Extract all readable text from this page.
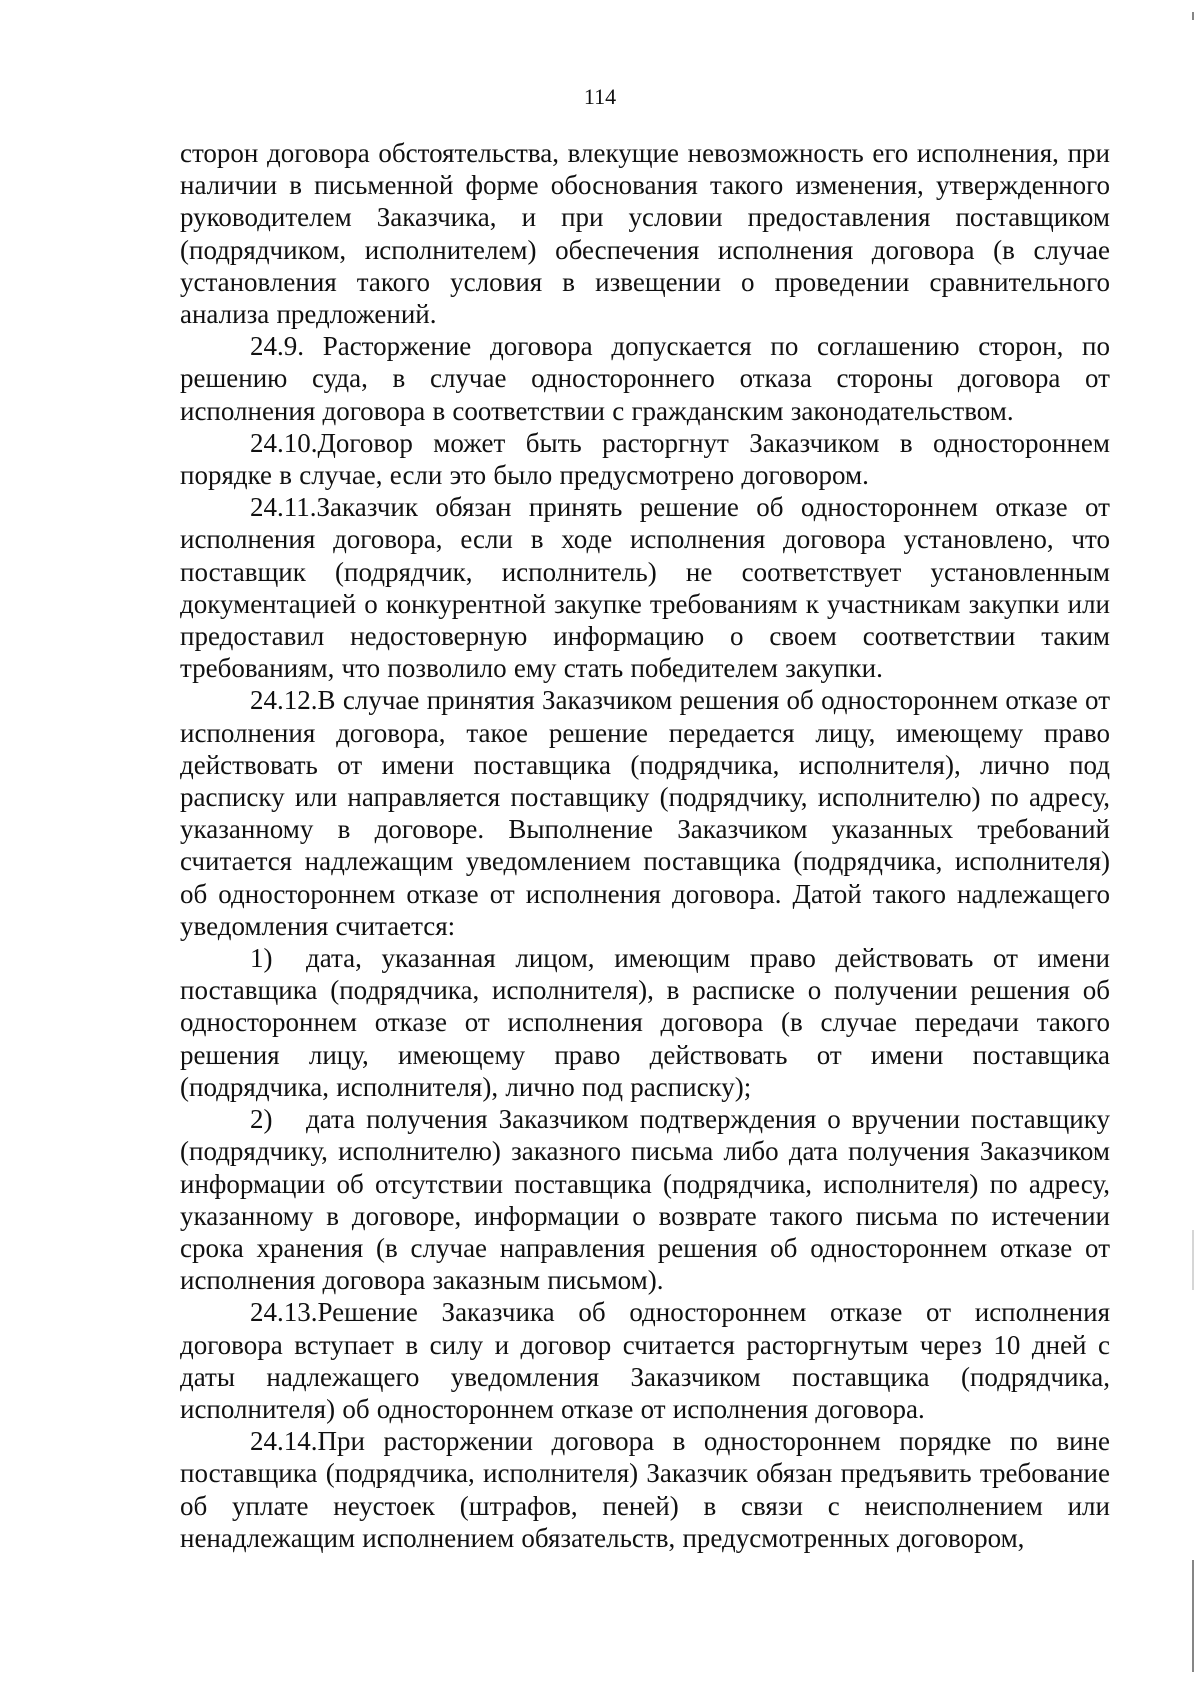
114

сторон договора обстоятельства, влекущие невозможность его исполнения, при наличии в письменной форме обоснования такого изменения, утвержденного руководителем Заказчика, и при условии предоставления поставщиком (подрядчиком, исполнителем) обеспечения исполнения договора (в случае установления такого условия в извещении о проведении сравнительного анализа предложений.

24.9. Расторжение договора допускается по соглашению сторон, по решению суда, в случае одностороннего отказа стороны договора от исполнения договора в соответствии с гражданским законодательством.

24.10.Договор может быть расторгнут Заказчиком в одностороннем порядке в случае, если это было предусмотрено договором.

24.11.Заказчик обязан принять решение об одностороннем отказе от исполнения договора, если в ходе исполнения договора установлено, что поставщик (подрядчик, исполнитель) не соответствует установленным документацией о конкурентной закупке требованиям к участникам закупки или предоставил недостоверную информацию о своем соответствии таким требованиям, что позволило ему стать победителем закупки.

24.12.В случае принятия Заказчиком решения об одностороннем отказе от исполнения договора, такое решение передается лицу, имеющему право действовать от имени поставщика (подрядчика, исполнителя), лично под расписку или направляется поставщику (подрядчику, исполнителю) по адресу, указанному в договоре. Выполнение Заказчиком указанных требований считается надлежащим уведомлением поставщика (подрядчика, исполнителя) об одностороннем отказе от исполнения договора. Датой такого надлежащего уведомления считается:

1) дата, указанная лицом, имеющим право действовать от имени поставщика (подрядчика, исполнителя), в расписке о получении решения об одностороннем отказе от исполнения договора (в случае передачи такого решения лицу, имеющему право действовать от имени поставщика (подрядчика, исполнителя), лично под расписку);

2) дата получения Заказчиком подтверждения о вручении поставщику (подрядчику, исполнителю) заказного письма либо дата получения Заказчиком информации об отсутствии поставщика (подрядчика, исполнителя) по адресу, указанному в договоре, информации о возврате такого письма по истечении срока хранения (в случае направления решения об одностороннем отказе от исполнения договора заказным письмом).

24.13.Решение Заказчика об одностороннем отказе от исполнения договора вступает в силу и договор считается расторгнутым через 10 дней с даты надлежащего уведомления Заказчиком поставщика (подрядчика, исполнителя) об одностороннем отказе от исполнения договора.

24.14.При расторжении договора в одностороннем порядке по вине поставщика (подрядчика, исполнителя) Заказчик обязан предъявить требование об уплате неустоек (штрафов, пеней) в связи с неисполнением или ненадлежащим исполнением обязательств, предусмотренных договором,
